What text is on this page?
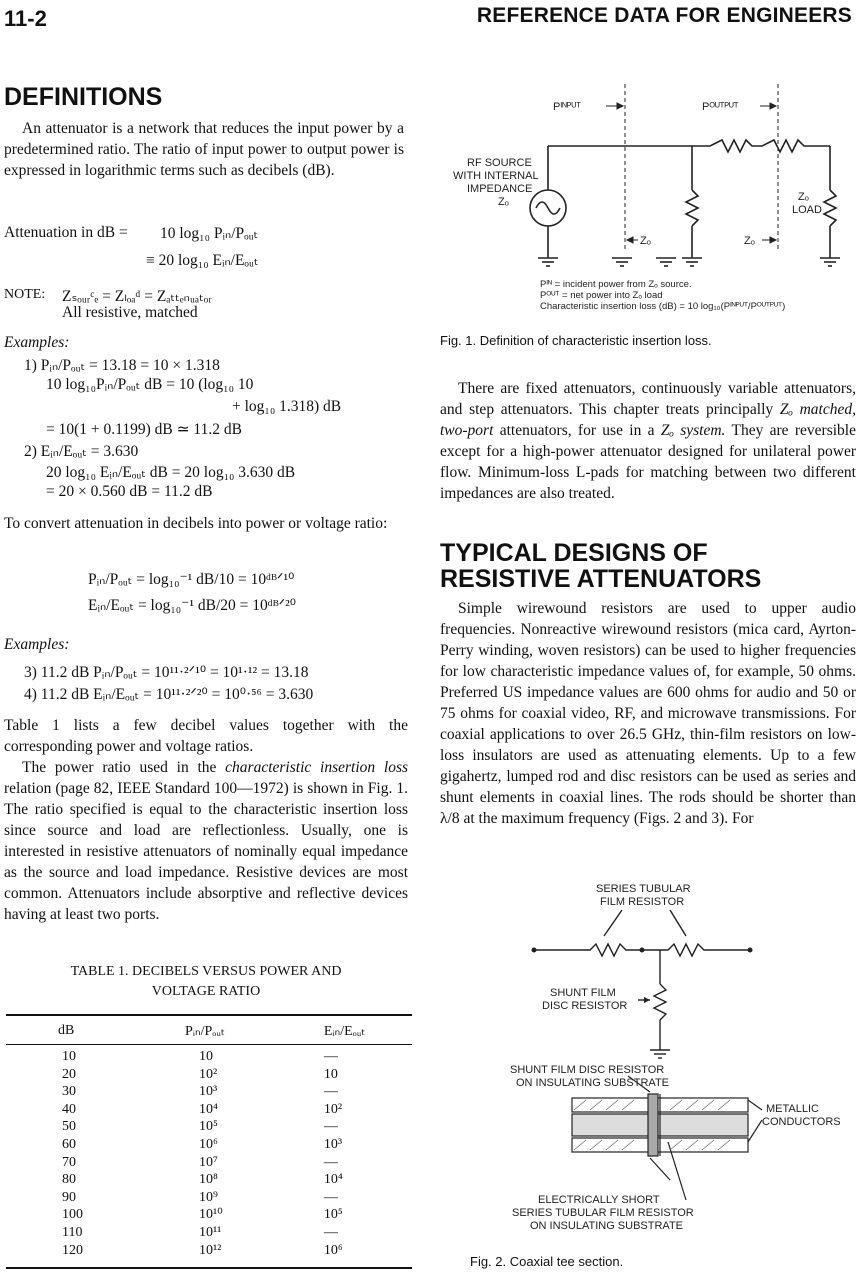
11-2	REFERENCE DATA FOR ENGINEERS
DEFINITIONS

An attenuator is a network that reduces the input power by a predetermined ratio. The ratio of input power to output power is expressed in logarithmic terms such as decibels (dB).

Attenuation in dB = 10 log₁₀ Pᵢₙ/Pₒᵤₜ
≡ 20 log₁₀ Eᵢₙ/Eₒᵤₜ
NOTE: Zₛₒᵤᵣᶜₑ = Zₗₒₐᵈ = Zₐₜₜₑₙᵤₐₜₒᵣ
All resistive, matched
Examples:
1) Pᵢₙ/Pₒᵤₜ = 13.18 = 10 × 1.318
10 log₁₀Pᵢₙ/Pₒᵤₜ dB = 10 (log₁₀ 10
+ log₁₀ 1.318) dB
= 10(1 + 0.1199) dB ≃ 11.2 dB
2) Eᵢₙ/Eₒᵤₜ = 3.630
20 log₁₀ Eᵢₙ/Eₒᵤₜ dB = 20 log₁₀ 3.630 dB
= 20 × 0.560 dB = 11.2 dB
To convert attenuation in decibels into power or voltage ratio:
Pᵢₙ/Pₒᵤₜ = log₁₀⁻¹ dB/10 = 10ᵈᴮᐟ¹⁰
Eᵢₙ/Eₒᵤₜ = log₁₀⁻¹ dB/20 = 10ᵈᴮᐟ²⁰
Examples:
3) 11.2 dB Pᵢₙ/Pₒᵤₜ = 10¹¹·²ᐟ¹⁰ = 10¹·¹² = 13.18
4) 11.2 dB Eᵢₙ/Eₒᵤₜ = 10¹¹·²ᐟ²⁰ = 10⁰·⁵⁶ = 3.630
Table 1 lists a few decibel values together with the corresponding power and voltage ratios.

The power ratio used in the characteristic insertion loss relation (page 82, IEEE Standard 100—1972) is shown in Fig. 1. The ratio specified is equal to the characteristic insertion loss since source and load are reflectionless. Usually, one is interested in resistive attenuators of nominally equal impedance as the source and load impedance. Resistive devices are most common. Attenuators include absorptive and reflective devices having at least two ports.

TABLE 1. DECIBELS VERSUS POWER AND
VOLTAGE RATIO
dB	Pᵢₙ/Pₒᵤₜ	Eᵢₙ/Eₒᵤₜ
10	10	—
20	10²	10
30	10³	—
40	10⁴	10²
50	10⁵	—
60	10⁶	10³
70	10⁷	—
80	10⁸	10⁴
90	10⁹	—
100	10¹⁰	10⁵
110	10¹¹	—
120	10¹²	10⁶
Pᴵᴺᴾᵁᵀ	Pᴼᵁᵀᴾᵁᵀ
RF SOURCE
WITH INTERNAL
IMPEDANCE
Zₒ	Zₒ
LOAD
Zₒ	Zₒ
Pᴵᴺ = incident power from Zₒ source.
Pᴼᵁᵀ = net power into Zₒ load
Characteristic insertion loss (dB) = 10 log₁₀(Pᴵᴺᴾᵁᵀ/Pᴼᵁᵀᴾᵁᵀ)
Fig. 1. Definition of characteristic insertion loss.

There are fixed attenuators, continuously variable attenuators, and step attenuators. This chapter treats principally Zₒ matched, two-port attenuators, for use in a Zₒ system. They are reversible except for a high-power attenuator designed for unilateral power flow. Minimum-loss L-pads for matching between two different impedances are also treated.

TYPICAL DESIGNS OF
RESISTIVE ATTENUATORS

Simple wirewound resistors are used to upper audio frequencies. Nonreactive wirewound resistors (mica card, Ayrton-Perry winding, woven resistors) can be used to higher frequencies for low characteristic impedance values of, for example, 50 ohms. Preferred US impedance values are 600 ohms for audio and 50 or 75 ohms for coaxial video, RF, and microwave transmissions. For coaxial applications to over 26.5 GHz, thin-film resistors on low-loss insulators are used as attenuating elements. Up to a few gigahertz, lumped rod and disc resistors can be used as series and shunt elements in coaxial lines. The rods should be shorter than λ/8 at the maximum frequency (Figs. 2 and 3). For

SERIES TUBULAR
FILM RESISTOR
SHUNT FILM
DISC RESISTOR
SHUNT FILM DISC RESISTOR
ON INSULATING SUBSTRATE
METALLIC
CONDUCTORS
ELECTRICALLY SHORT
SERIES TUBULAR FILM RESISTOR
ON INSULATING SUBSTRATE
Fig. 2. Coaxial tee section.
